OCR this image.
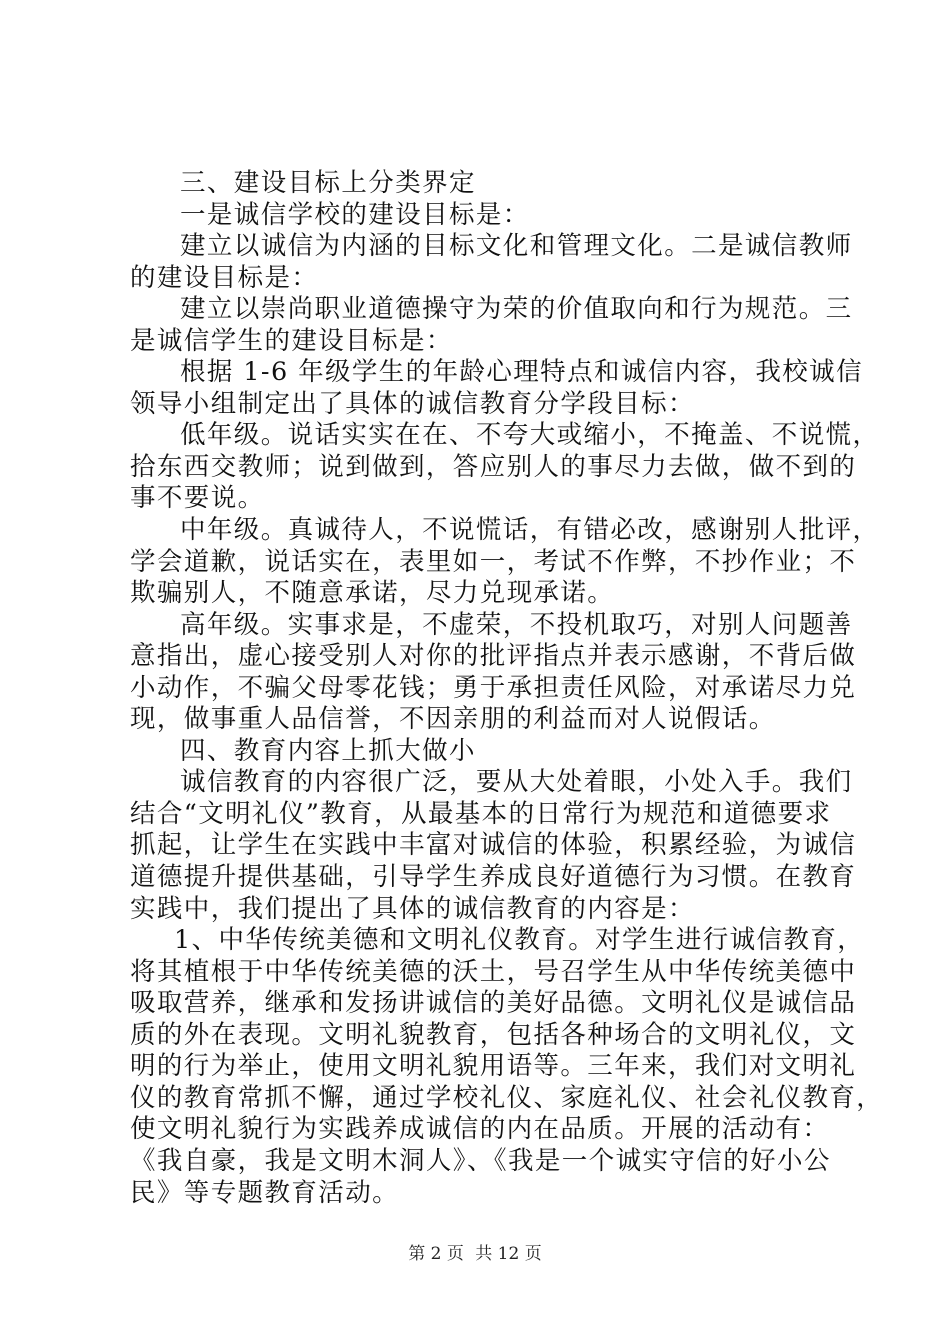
三、建设目标上分类界定
一是诚信学校的建设目标是：
建立以诚信为内涵的目标文化和管理文化。二是诚信教师
的建设目标是：
建立以崇尚职业道德操守为荣的价值取向和行为规范。三
是诚信学生的建设目标是：
根据 1-6 年级学生的年龄心理特点和诚信内容，我校诚信
领导小组制定出了具体的诚信教育分学段目标：
低年级。说话实实在在、不夸大或缩小，不掩盖、不说慌，
拾东西交教师；说到做到，答应别人的事尽力去做，做不到的
事不要说。
中年级。真诚待人，不说慌话，有错必改，感谢别人批评，
学会道歉，说话实在，表里如一，考试不作弊，不抄作业；不
欺骗别人，不随意承诺，尽力兑现承诺。
高年级。实事求是，不虚荣，不投机取巧，对别人问题善
意指出，虚心接受别人对你的批评指点并表示感谢，不背后做
小动作，不骗父母零花钱；勇于承担责任风险，对承诺尽力兑
现，做事重人品信誉，不因亲朋的利益而对人说假话。
四、教育内容上抓大做小
诚信教育的内容很广泛，要从大处着眼，小处入手。我们
结合“文明礼仪”教育，从最基本的日常行为规范和道德要求
抓起，让学生在实践中丰富对诚信的体验，积累经验，为诚信
道德提升提供基础，引导学生养成良好道德行为习惯。在教育
实践中，我们提出了具体的诚信教育的内容是：
1、中华传统美德和文明礼仪教育。对学生进行诚信教育，
将其植根于中华传统美德的沃土，号召学生从中华传统美德中
吸取营养，继承和发扬讲诚信的美好品德。文明礼仪是诚信品
质的外在表现。文明礼貌教育，包括各种场合的文明礼仪，文
明的行为举止，使用文明礼貌用语等。三年来，我们对文明礼
仪的教育常抓不懈，通过学校礼仪、家庭礼仪、社会礼仪教育，
使文明礼貌行为实践养成诚信的内在品质。开展的活动有：
《我自豪，我是文明木洞人》、《我是一个诚实守信的好小公
民》等专题教育活动。
第 2 页 共 12 页
